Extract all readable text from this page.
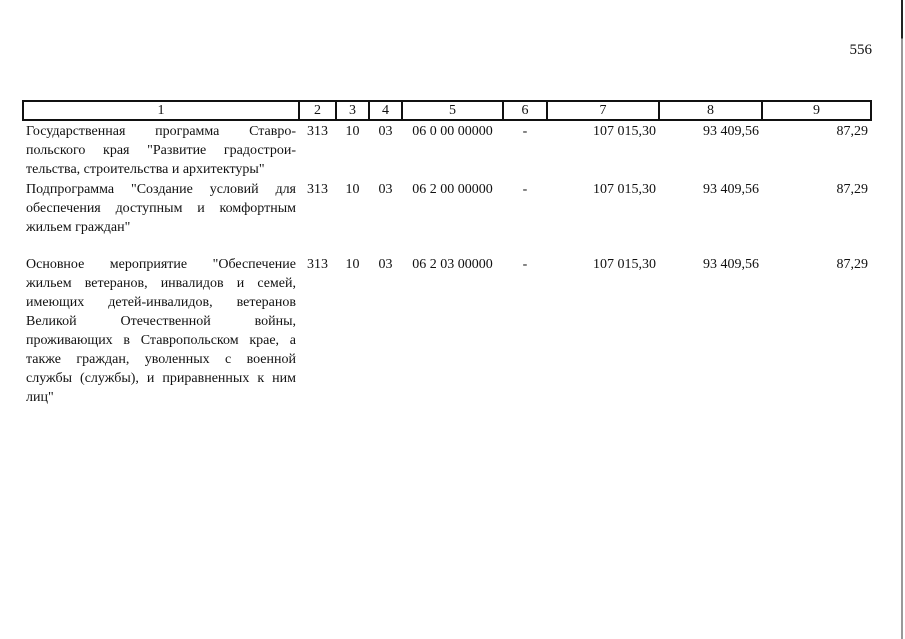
556
1	2	3	4	5	6	7	8	9
Государственная программа Ставро-польского края "Развитие градострои-тельства, строительства и архитектуры"	313	10	03	06 0 00 00000	-	107 015,30	93 409,56	87,29
Подпрограмма "Создание условий для обеспечения доступным и комфортным жильем граждан"	313	10	03	06 2 00 00000	-	107 015,30	93 409,56	87,29
Основное мероприятие "Обеспечение жильем ветеранов, инвалидов и семей, имеющих детей-инвалидов, ветеранов Великой Отечественной войны, проживающих в Ставропольском крае, а также граждан, уволенных с военной службы (службы), и приравненных к ним лиц"	313	10	03	06 2 03 00000	-	107 015,30	93 409,56	87,29
